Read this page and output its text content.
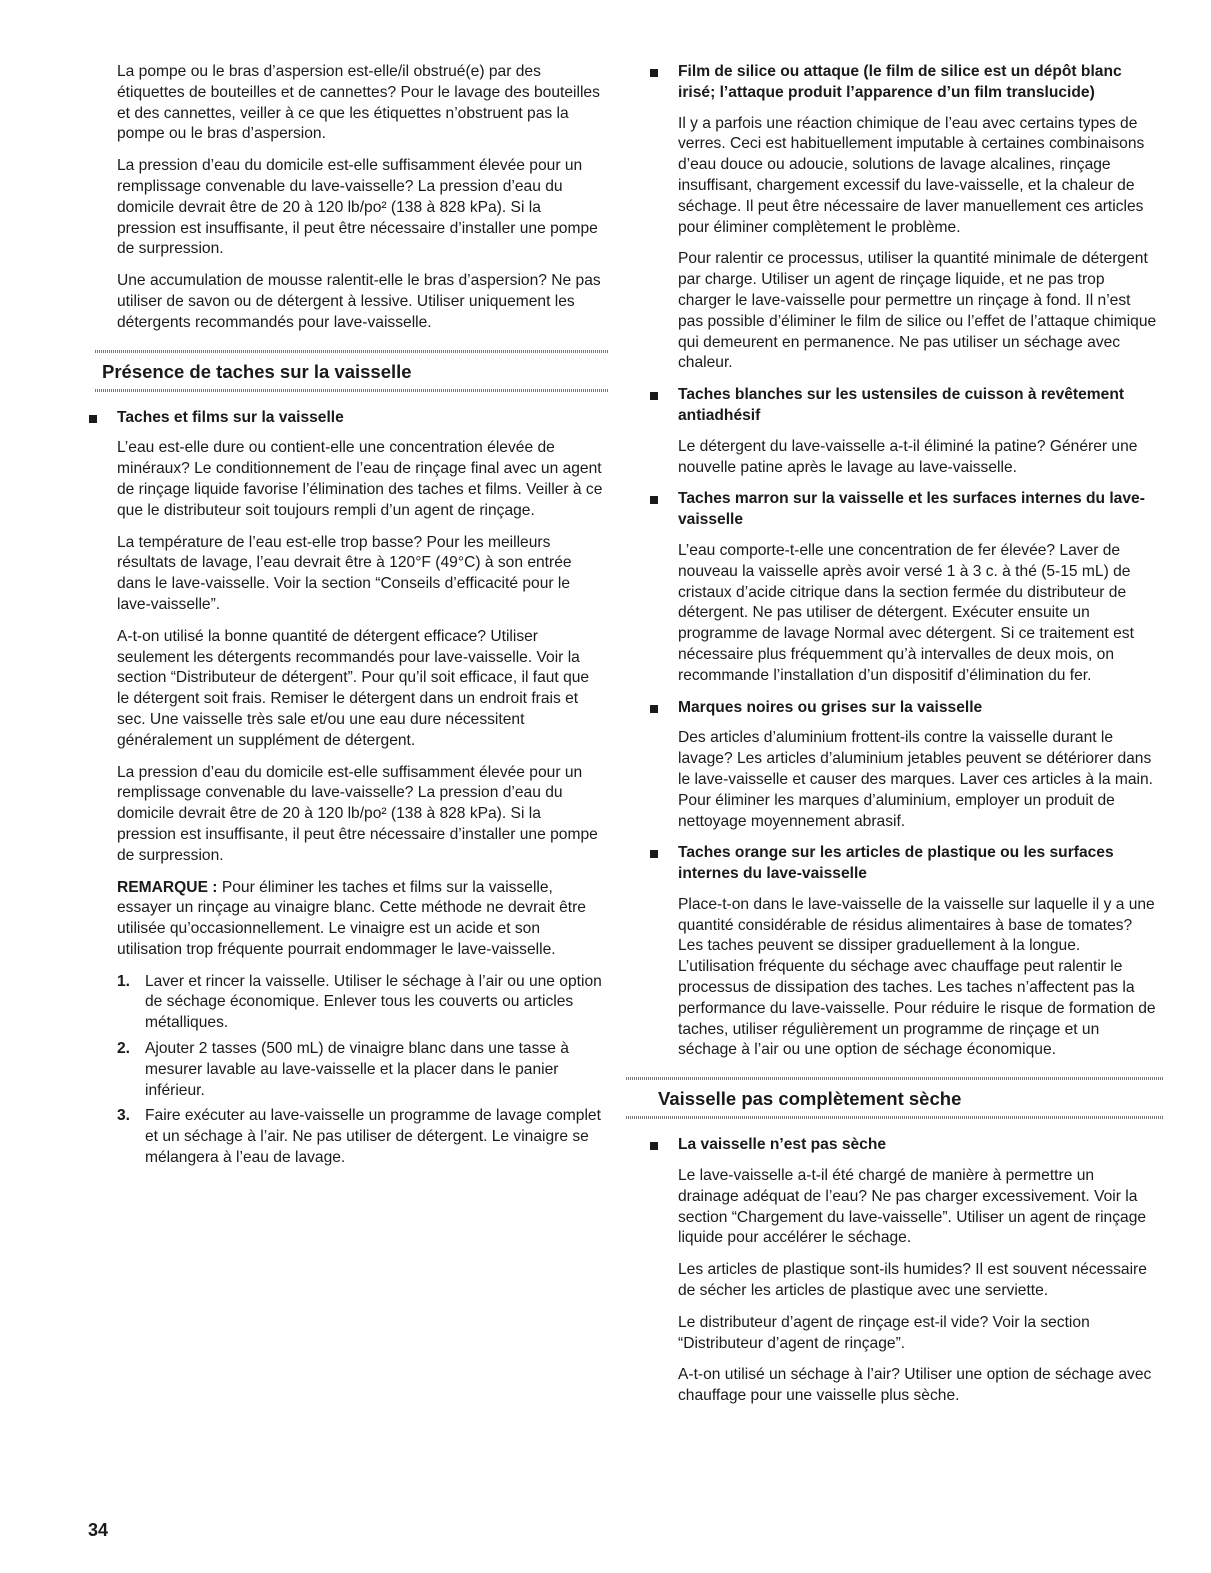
La pompe ou le bras d’aspersion est-elle/il obstrué(e) par des étiquettes de bouteilles et de cannettes? Pour le lavage des bouteilles et des cannettes, veiller à ce que les étiquettes n’obstruent pas la pompe ou le bras d’aspersion.

La pression d’eau du domicile est-elle suffisamment élevée pour un remplissage convenable du lave-vaisselle? La pression d’eau du domicile devrait être de 20 à 120 lb/po² (138 à 828 kPa). Si la pression est insuffisante, il peut être nécessaire d’installer une pompe de surpression.

Une accumulation de mousse ralentit-elle le bras d’aspersion? Ne pas utiliser de savon ou de détergent à lessive. Utiliser uniquement les détergents recommandés pour lave-vaisselle.

Présence de taches sur la vaisselle
Taches et films sur la vaisselle

L’eau est-elle dure ou contient-elle une concentration élevée de minéraux? Le conditionnement de l’eau de rinçage final avec un agent de rinçage liquide favorise l’élimination des taches et films. Veiller à ce que le distributeur soit toujours rempli d’un agent de rinçage.

La température de l’eau est-elle trop basse? Pour les meilleurs résultats de lavage, l’eau devrait être à 120°F (49°C) à son entrée dans le lave-vaisselle. Voir la section “Conseils d’efficacité pour le lave-vaisselle”.

A-t-on utilisé la bonne quantité de détergent efficace? Utiliser seulement les détergents recommandés pour lave-vaisselle. Voir la section “Distributeur de détergent”. Pour qu’il soit efficace, il faut que le détergent soit frais. Remiser le détergent dans un endroit frais et sec. Une vaisselle très sale et/ou une eau dure nécessitent généralement un supplément de détergent.

La pression d’eau du domicile est-elle suffisamment élevée pour un remplissage convenable du lave-vaisselle? La pression d’eau du domicile devrait être de 20 à 120 lb/po² (138 à 828 kPa). Si la pression est insuffisante, il peut être nécessaire d’installer une pompe de surpression.

REMARQUE : Pour éliminer les taches et films sur la vaisselle, essayer un rinçage au vinaigre blanc. Cette méthode ne devrait être utilisée qu’occasionnellement. Le vinaigre est un acide et son utilisation trop fréquente pourrait endommager le lave-vaisselle.

1. Laver et rincer la vaisselle. Utiliser le séchage à l’air ou une option de séchage économique. Enlever tous les couverts ou articles métalliques.
2. Ajouter 2 tasses (500 mL) de vinaigre blanc dans une tasse à mesurer lavable au lave-vaisselle et la placer dans le panier inférieur.
3. Faire exécuter au lave-vaisselle un programme de lavage complet et un séchage à l’air. Ne pas utiliser de détergent. Le vinaigre se mélangera à l’eau de lavage.
Film de silice ou attaque (le film de silice est un dépôt blanc irisé; l’attaque produit l’apparence d’un film translucide)

Il y a parfois une réaction chimique de l’eau avec certains types de verres. Ceci est habituellement imputable à certaines combinaisons d’eau douce ou adoucie, solutions de lavage alcalines, rinçage insuffisant, chargement excessif du lave-vaisselle, et la chaleur de séchage. Il peut être nécessaire de laver manuellement ces articles pour éliminer complètement le problème.

Pour ralentir ce processus, utiliser la quantité minimale de détergent par charge. Utiliser un agent de rinçage liquide, et ne pas trop charger le lave-vaisselle pour permettre un rinçage à fond. Il n’est pas possible d’éliminer le film de silice ou l’effet de l’attaque chimique qui demeurent en permanence. Ne pas utiliser un séchage avec chaleur.

Taches blanches sur les ustensiles de cuisson à revêtement antiadhésif

Le détergent du lave-vaisselle a-t-il éliminé la patine? Générer une nouvelle patine après le lavage au lave-vaisselle.

Taches marron sur la vaisselle et les surfaces internes du lave-vaisselle

L’eau comporte-t-elle une concentration de fer élevée? Laver de nouveau la vaisselle après avoir versé 1 à 3 c. à thé (5-15 mL) de cristaux d’acide citrique dans la section fermée du distributeur de détergent. Ne pas utiliser de détergent. Exécuter ensuite un programme de lavage Normal avec détergent. Si ce traitement est nécessaire plus fréquemment qu’à intervalles de deux mois, on recommande l’installation d’un dispositif d’élimination du fer.

Marques noires ou grises sur la vaisselle

Des articles d’aluminium frottent-ils contre la vaisselle durant le lavage? Les articles d’aluminium jetables peuvent se détériorer dans le lave-vaisselle et causer des marques. Laver ces articles à la main. Pour éliminer les marques d’aluminium, employer un produit de nettoyage moyennement abrasif.

Taches orange sur les articles de plastique ou les surfaces internes du lave-vaisselle

Place-t-on dans le lave-vaisselle de la vaisselle sur laquelle il y a une quantité considérable de résidus alimentaires à base de tomates? Les taches peuvent se dissiper graduellement à la longue. L’utilisation fréquente du séchage avec chauffage peut ralentir le processus de dissipation des taches. Les taches n’affectent pas la performance du lave-vaisselle. Pour réduire le risque de formation de taches, utiliser régulièrement un programme de rinçage et un séchage à l’air ou une option de séchage économique.

Vaisselle pas complètement sèche
La vaisselle n’est pas sèche

Le lave-vaisselle a-t-il été chargé de manière à permettre un drainage adéquat de l’eau? Ne pas charger excessivement. Voir la section “Chargement du lave-vaisselle”. Utiliser un agent de rinçage liquide pour accélérer le séchage.

Les articles de plastique sont-ils humides? Il est souvent nécessaire de sécher les articles de plastique avec une serviette.

Le distributeur d’agent de rinçage est-il vide? Voir la section “Distributeur d’agent de rinçage”.

A-t-on utilisé un séchage à l’air? Utiliser une option de séchage avec chauffage pour une vaisselle plus sèche.

34
